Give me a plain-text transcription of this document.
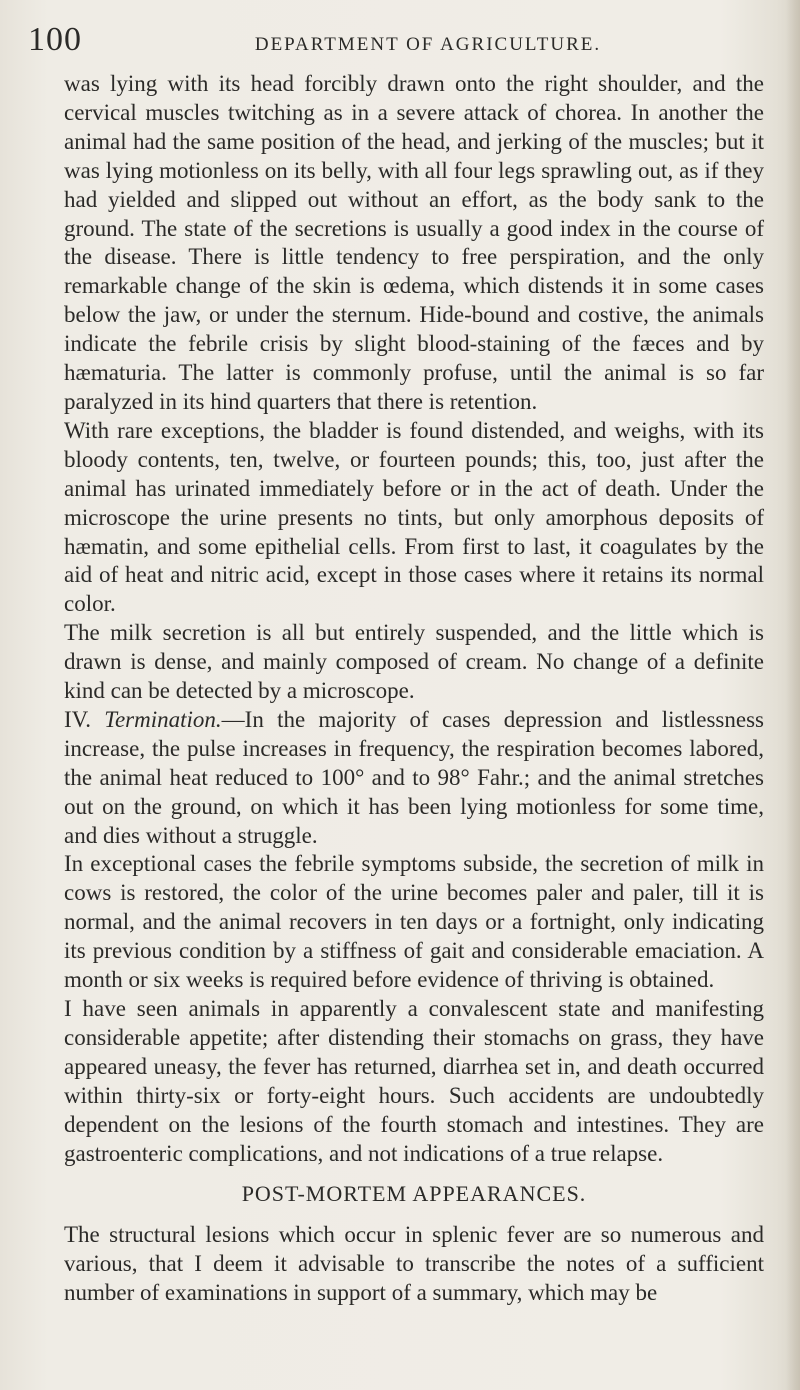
100	DEPARTMENT OF AGRICULTURE.

was lying with its head forcibly drawn onto the right shoulder, and the cervical muscles twitching as in a severe attack of chorea. In another the animal had the same position of the head, and jerking of the muscles; but it was lying motionless on its belly, with all four legs sprawling out, as if they had yielded and slipped out without an effort, as the body sank to the ground. The state of the secretions is usually a good index in the course of the disease. There is little tendency to free perspiration, and the only remarkable change of the skin is œdema, which distends it in some cases below the jaw, or under the sternum. Hide-bound and costive, the animals indicate the febrile crisis by slight blood-staining of the fæces and by hæmaturia. The latter is commonly profuse, until the animal is so far paralyzed in its hind quarters that there is retention.

With rare exceptions, the bladder is found distended, and weighs, with its bloody contents, ten, twelve, or fourteen pounds; this, too, just after the animal has urinated immediately before or in the act of death. Under the microscope the urine presents no tints, but only amorphous deposits of hæmatin, and some epithelial cells. From first to last, it coagulates by the aid of heat and nitric acid, except in those cases where it retains its normal color.

The milk secretion is all but entirely suspended, and the little which is drawn is dense, and mainly composed of cream. No change of a definite kind can be detected by a microscope.

IV. Termination.—In the majority of cases depression and listlessness increase, the pulse increases in frequency, the respiration becomes labored, the animal heat reduced to 100° and to 98° Fahr.; and the animal stretches out on the ground, on which it has been lying motionless for some time, and dies without a struggle.

In exceptional cases the febrile symptoms subside, the secretion of milk in cows is restored, the color of the urine becomes paler and paler, till it is normal, and the animal recovers in ten days or a fortnight, only indicating its previous condition by a stiffness of gait and considerable emaciation. A month or six weeks is required before evidence of thriving is obtained.

I have seen animals in apparently a convalescent state and manifesting considerable appetite; after distending their stomachs on grass, they have appeared uneasy, the fever has returned, diarrhea set in, and death occurred within thirty-six or forty-eight hours. Such accidents are undoubtedly dependent on the lesions of the fourth stomach and intestines. They are gastroenteric complications, and not indications of a true relapse.

POST-MORTEM APPEARANCES.

The structural lesions which occur in splenic fever are so numerous and various, that I deem it advisable to transcribe the notes of a sufficient number of examinations in support of a summary, which may be
